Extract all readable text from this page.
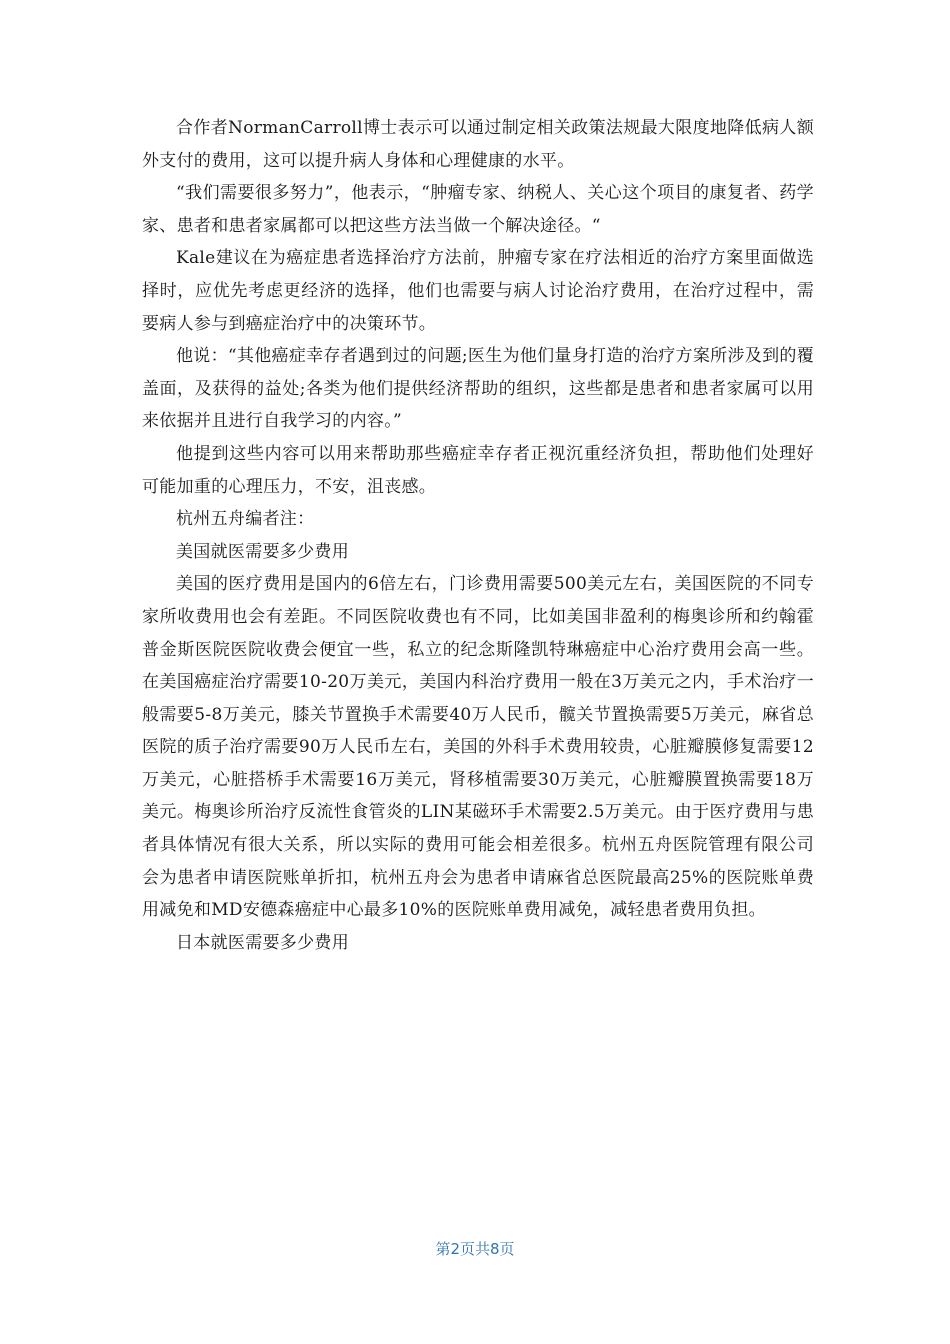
合作者NormanCarroll博士表示可以通过制定相关政策法规最大限度地降低病人额外支付的费用，这可以提升病人身体和心理健康的水平。

“我们需要很多努力”，他表示，“肿瘤专家、纳税人、关心这个项目的康复者、药学家、患者和患者家属都可以把这些方法当做一个解决途径。“

Kale建议在为癌症患者选择治疗方法前，肿瘤专家在疗法相近的治疗方案里面做选择时，应优先考虑更经济的选择，他们也需要与病人讨论治疗费用，在治疗过程中，需要病人参与到癌症治疗中的决策环节。

他说：“其他癌症幸存者遇到过的问题;医生为他们量身打造的治疗方案所涉及到的覆盖面，及获得的益处;各类为他们提供经济帮助的组织，这些都是患者和患者家属可以用来依据并且进行自我学习的内容。”

他提到这些内容可以用来帮助那些癌症幸存者正视沉重经济负担，帮助他们处理好可能加重的心理压力，不安，沮丧感。

杭州五舟编者注：

美国就医需要多少费用

美国的医疗费用是国内的6倍左右，门诊费用需要500美元左右，美国医院的不同专家所收费用也会有差距。不同医院收费也有不同，比如美国非盈利的梅奥诊所和约翰霍普金斯医院医院收费会便宜一些，私立的纪念斯隆凯特琳癌症中心治疗费用会高一些。在美国癌症治疗需要10-20万美元，美国内科治疗费用一般在3万美元之内，手术治疗一般需要5-8万美元，膝关节置换手术需要40万人民币，髋关节置换需要5万美元，麻省总医院的质子治疗需要90万人民币左右，美国的外科手术费用较贵，心脏瓣膜修复需要12万美元，心脏搭桥手术需要16万美元，肾移植需要30万美元，心脏瓣膜置换需要18万美元。梅奥诊所治疗反流性食管炎的LIN某磁环手术需要2.5万美元。由于医疗费用与患者具体情况有很大关系，所以实际的费用可能会相差很多。杭州五舟医院管理有限公司会为患者申请医院账单折扣，杭州五舟会为患者申请麻省总医院最高25%的医院账单费用减免和MD安德森癌症中心最多10%的医院账单费用减免，减轻患者费用负担。

日本就医需要多少费用

第2页共8页
